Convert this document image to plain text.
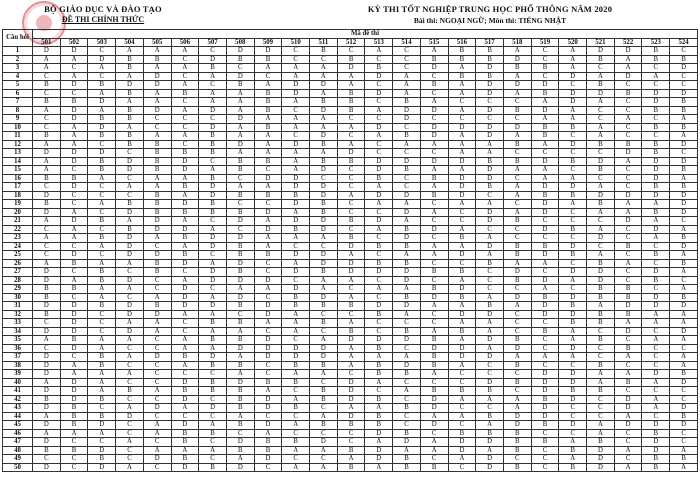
BỘ GIÁO DỤC VÀ ĐÀO TẠO
ĐỀ THI CHÍNH THỨC
KỲ THI TỐT NGHIỆP TRUNG HỌC PHỔ THÔNG NĂM 2020
Bài thi: NGOẠI NGỮ; Môn thi: TIẾNG NHẬT
Câu hỏi	Mã đề thi																							
	501	502	503	504	505	506	507	508	509	510	511	512	513	514	515	516	517	518	519	520	521	522	523	524
1	D	D	C	A	A	A	C	D	D	C	B	C	A	C	A	B	B	A	C	A	D	D	B	C
2	A	A	D	B	B	C	D	B	B	C	C	B	C	C	B	B	B	D	C	A	B	A	B	B
3	A	C	A	B	A	A	B	C	A	A	A	D	B	C	D	A	D	B	B	A	C	A	C	D
4	C	A	C	A	D	C	A	D	C	A	A	A	D	A	C	B	B	A	C	D	A	D	A	C
5	B	D	B	D	D	A	C	B	A	D	D	A	C	A	B	A	D	D	D	C	B	C	C	C
6	C	C	A	B	A	B	A	A	B	D	A	B	D	A	C	A	D	A	B	D	D	B	D	D
7	B	B	D	A	A	C	A	A	B	A	B	B	C	B	A	C	C	C	A	D	A	C	D	B
8	A	D	A	B	D	A	D	A	B	C	D	B	A	D	D	A	D	B	D	A	C	C	B	B
9	C	D	B	B	C	C	C	D	A	A	A	C	C	D	C	C	C	C	A	A	C	A	C	A
10	C	A	D	A	C	C	D	A	B	A	A	A	D	C	D	D	D	D	B	B	A	C	B	B
11	B	A	B	B	A	A	B	A	A	C	D	C	A	B	D	A	D	A	B	C	A	C	C	A
12	A	A	C	B	B	C	B	D	A	D	B	A	C	A	A	A	A	B	A	D	B	B	B	D
13	D	D	D	C	B	B	B	A	A	A	A	D	C	C	C	A	A	C	C	C	C	D	B	C
14	A	D	B	D	B	D	C	B	B	A	B	B	D	D	D	D	B	B	D	B	D	A	D	D
15	A	C	B	D	B	D	A	B	C	A	D	C	D	B	A	A	D	A	A	C	B	C	D	B
16	B	B	A	C	A	A	B	C	D	D	C	C	B	C	B	D	D	C	A	A	C	C	D	A
17	C	D	C	A	A	B	D	A	A	D	D	C	A	C	A	D	B	A	D	D	A	C	B	B
18	D	C	C	C	B	A	D	B	B	B	D	A	D	D	B	D	C	A	B	B	D	D	D	D
19	B	C	A	B	B	D	B	C	C	D	B	C	A	A	C	A	A	C	D	A	B	A	A	D
20	D	A	C	D	B	B	B	B	D	A	B	C	C	D	A	C	D	A	D	C	A	A	B	D
21	A	D	B	A	D	A	C	D	A	D	D	B	D	A	C	C	D	B	C	C	C	D	A	C
22	C	A	C	B	D	D	A	C	D	B	D	C	A	B	D	A	C	C	D	B	A	C	D	A
23	A	A	B	D	A	B	D	D	A	A	A	B	C	D	C	B	A	C	C	C	D	C	A	B
24	C	C	A	D	C	A	D	B	A	C	C	D	B	B	A	A	D	B	B	D	C	B	C	D
25	C	D	C	D	D	B	C	B	B	D	D	A	C	A	A	D	A	B	D	B	A	C	B	A
26	A	B	A	A	B	D	A	D	C	A	D	D	B	B	C	C	B	A	A	C	B	A	C	B
27	D	C	B	C	B	C	D	B	C	D	B	D	D	D	B	B	C	D	C	D	D	C	D	A
28	D	A	B	D	C	A	D	D	D	C	A	A	C	D	C	A	C	B	D	A	D	C	B	C
29	B	B	A	A	C	D	C	A	A	D	A	C	A	A	B	D	C	C	A	C	B	B	C	A
30	B	C	A	C	A	D	A	D	C	B	D	A	C	B	D	B	A	D	B	D	B	B	D	B
31	D	D	B	D	B	D	D	B	D	B	B	B	D	D	A	A	B	A	D	B	A	D	D	D
32	B	D	C	D	D	A	A	C	D	A	C	C	B	A	C	D	D	C	D	D	B	B	A	A
33	C	D	C	A	A	C	B	B	A	A	B	A	C	C	C	A	A	C	C	B	B	A	A	A
34	D	D	C	D	A	C	A	A	C	A	C	B	C	B	A	B	A	C	B	A	C	D	C	D
35	A	B	A	A	C	A	B	B	D	C	A	D	D	D	B	A	D	B	C	A	B	C	A	A
36	C	D	A	C	C	A	A	D	D	D	D	A	B	C	D	D	A	D	C	D	C	B	C	C
37	D	C	B	A	D	B	D	A	D	D	D	A	A	A	B	D	D	A	A	A	C	A	C	A
38	D	A	B	C	C	A	B	B	C	B	B	A	B	D	B	A	C	B	C	C	B	C	C	A
39	D	A	A	A	C	C	C	A	C	A	A	C	B	B	A	C	C	C	D	D	A	A	D	B
40	A	D	A	C	C	D	B	D	B	B	C	D	A	C	C	C	D	B	D	D	A	B	A	D
41	D	D	A	B	A	B	B	B	A	C	B	D	C	A	B	B	B	C	D	B	B	C	C	C
42	B	D	B	C	C	D	C	B	D	A	B	D	B	C	D	A	A	A	B	D	C	D	A	C
43	D	B	C	A	D	A	D	B	D	B	C	A	A	B	D	C	C	A	D	C	C	D	A	D
44	A	B	B	D	C	C	C	A	C	C	A	D	B	C	A	A	B	D	D	C	C	A	C	B
45	D	B	D	C	A	D	A	B	D	A	B	B	B	C	D	C	A	D	B	D	A	D	D	D
46	A	A	A	C	A	B	B	C	A	C	C	C	D	B	C	B	B	B	C	C	A	C	B	C
47	D	C	C	A	C	B	C	D	B	B	D	C	A	D	A	D	D	B	B	A	B	C	D	C
48	B	B	D	C	A	A	A	B	B	A	A	B	D	A	A	D	A	B	C	B	D	A	D	A
49	C	C	B	C	D	B	C	A	D	C	C	A	D	B	C	A	D	C	C	A	D	C	B	B
50	D	C	D	A	C	D	B	D	C	A	A	B	A	B	B	C	D	B	C	B	D	A	B	A
